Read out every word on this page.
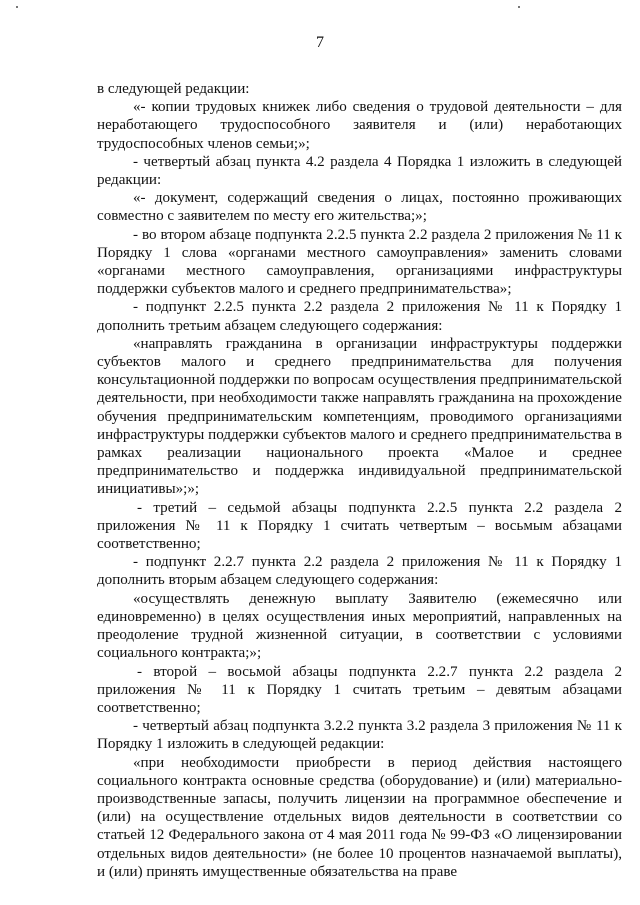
7

в следующей редакции:

«- копии трудовых книжек либо сведения о трудовой деятельности – для неработающего трудоспособного заявителя и (или) неработающих трудоспособных членов семьи;»;

- четвертый абзац пункта 4.2 раздела 4 Порядка 1 изложить в следующей редакции:

«- документ, содержащий сведения о лицах, постоянно проживающих совместно с заявителем по месту его жительства;»;

- во втором абзаце подпункта 2.2.5 пункта 2.2 раздела 2 приложения № 11 к Порядку 1 слова «органами местного самоуправления» заменить словами «органами местного самоуправления, организациями инфраструктуры поддержки субъектов малого и среднего предпринимательства»;

- подпункт 2.2.5 пункта 2.2 раздела 2 приложения № 11 к Порядку 1 дополнить третьим абзацем следующего содержания:

«направлять гражданина в организации инфраструктуры поддержки субъектов малого и среднего предпринимательства для получения консультационной поддержки по вопросам осуществления предпринимательской деятельности, при необходимости также направлять гражданина на прохождение обучения предпринимательским компетенциям, проводимого организациями инфраструктуры поддержки субъектов малого и среднего предпринимательства в рамках реализации национального проекта «Малое и среднее предпринимательство и поддержка индивидуальной предпринимательской инициативы»;»;

- третий – седьмой абзацы подпункта 2.2.5 пункта 2.2 раздела 2 приложения № 11 к Порядку 1 считать четвертым – восьмым абзацами соответственно;

- подпункт 2.2.7 пункта 2.2 раздела 2 приложения № 11 к Порядку 1 дополнить вторым абзацем следующего содержания:

«осуществлять денежную выплату Заявителю (ежемесячно или единовременно) в целях осуществления иных мероприятий, направленных на преодоление трудной жизненной ситуации, в соответствии с условиями социального контракта;»;

- второй – восьмой абзацы подпункта 2.2.7 пункта 2.2 раздела 2 приложения № 11 к Порядку 1 считать третьим – девятым абзацами соответственно;

- четвертый абзац подпункта 3.2.2 пункта 3.2 раздела 3 приложения № 11 к Порядку 1 изложить в следующей редакции:

«при необходимости приобрести в период действия настоящего социального контракта основные средства (оборудование) и (или) материально-производственные запасы, получить лицензии на программное обеспечение и (или) на осуществление отдельных видов деятельности в соответствии со статьей 12 Федерального закона от 4 мая 2011 года № 99-ФЗ «О лицензировании отдельных видов деятельности» (не более 10 процентов назначаемой выплаты), и (или) принять имущественные обязательства на праве
